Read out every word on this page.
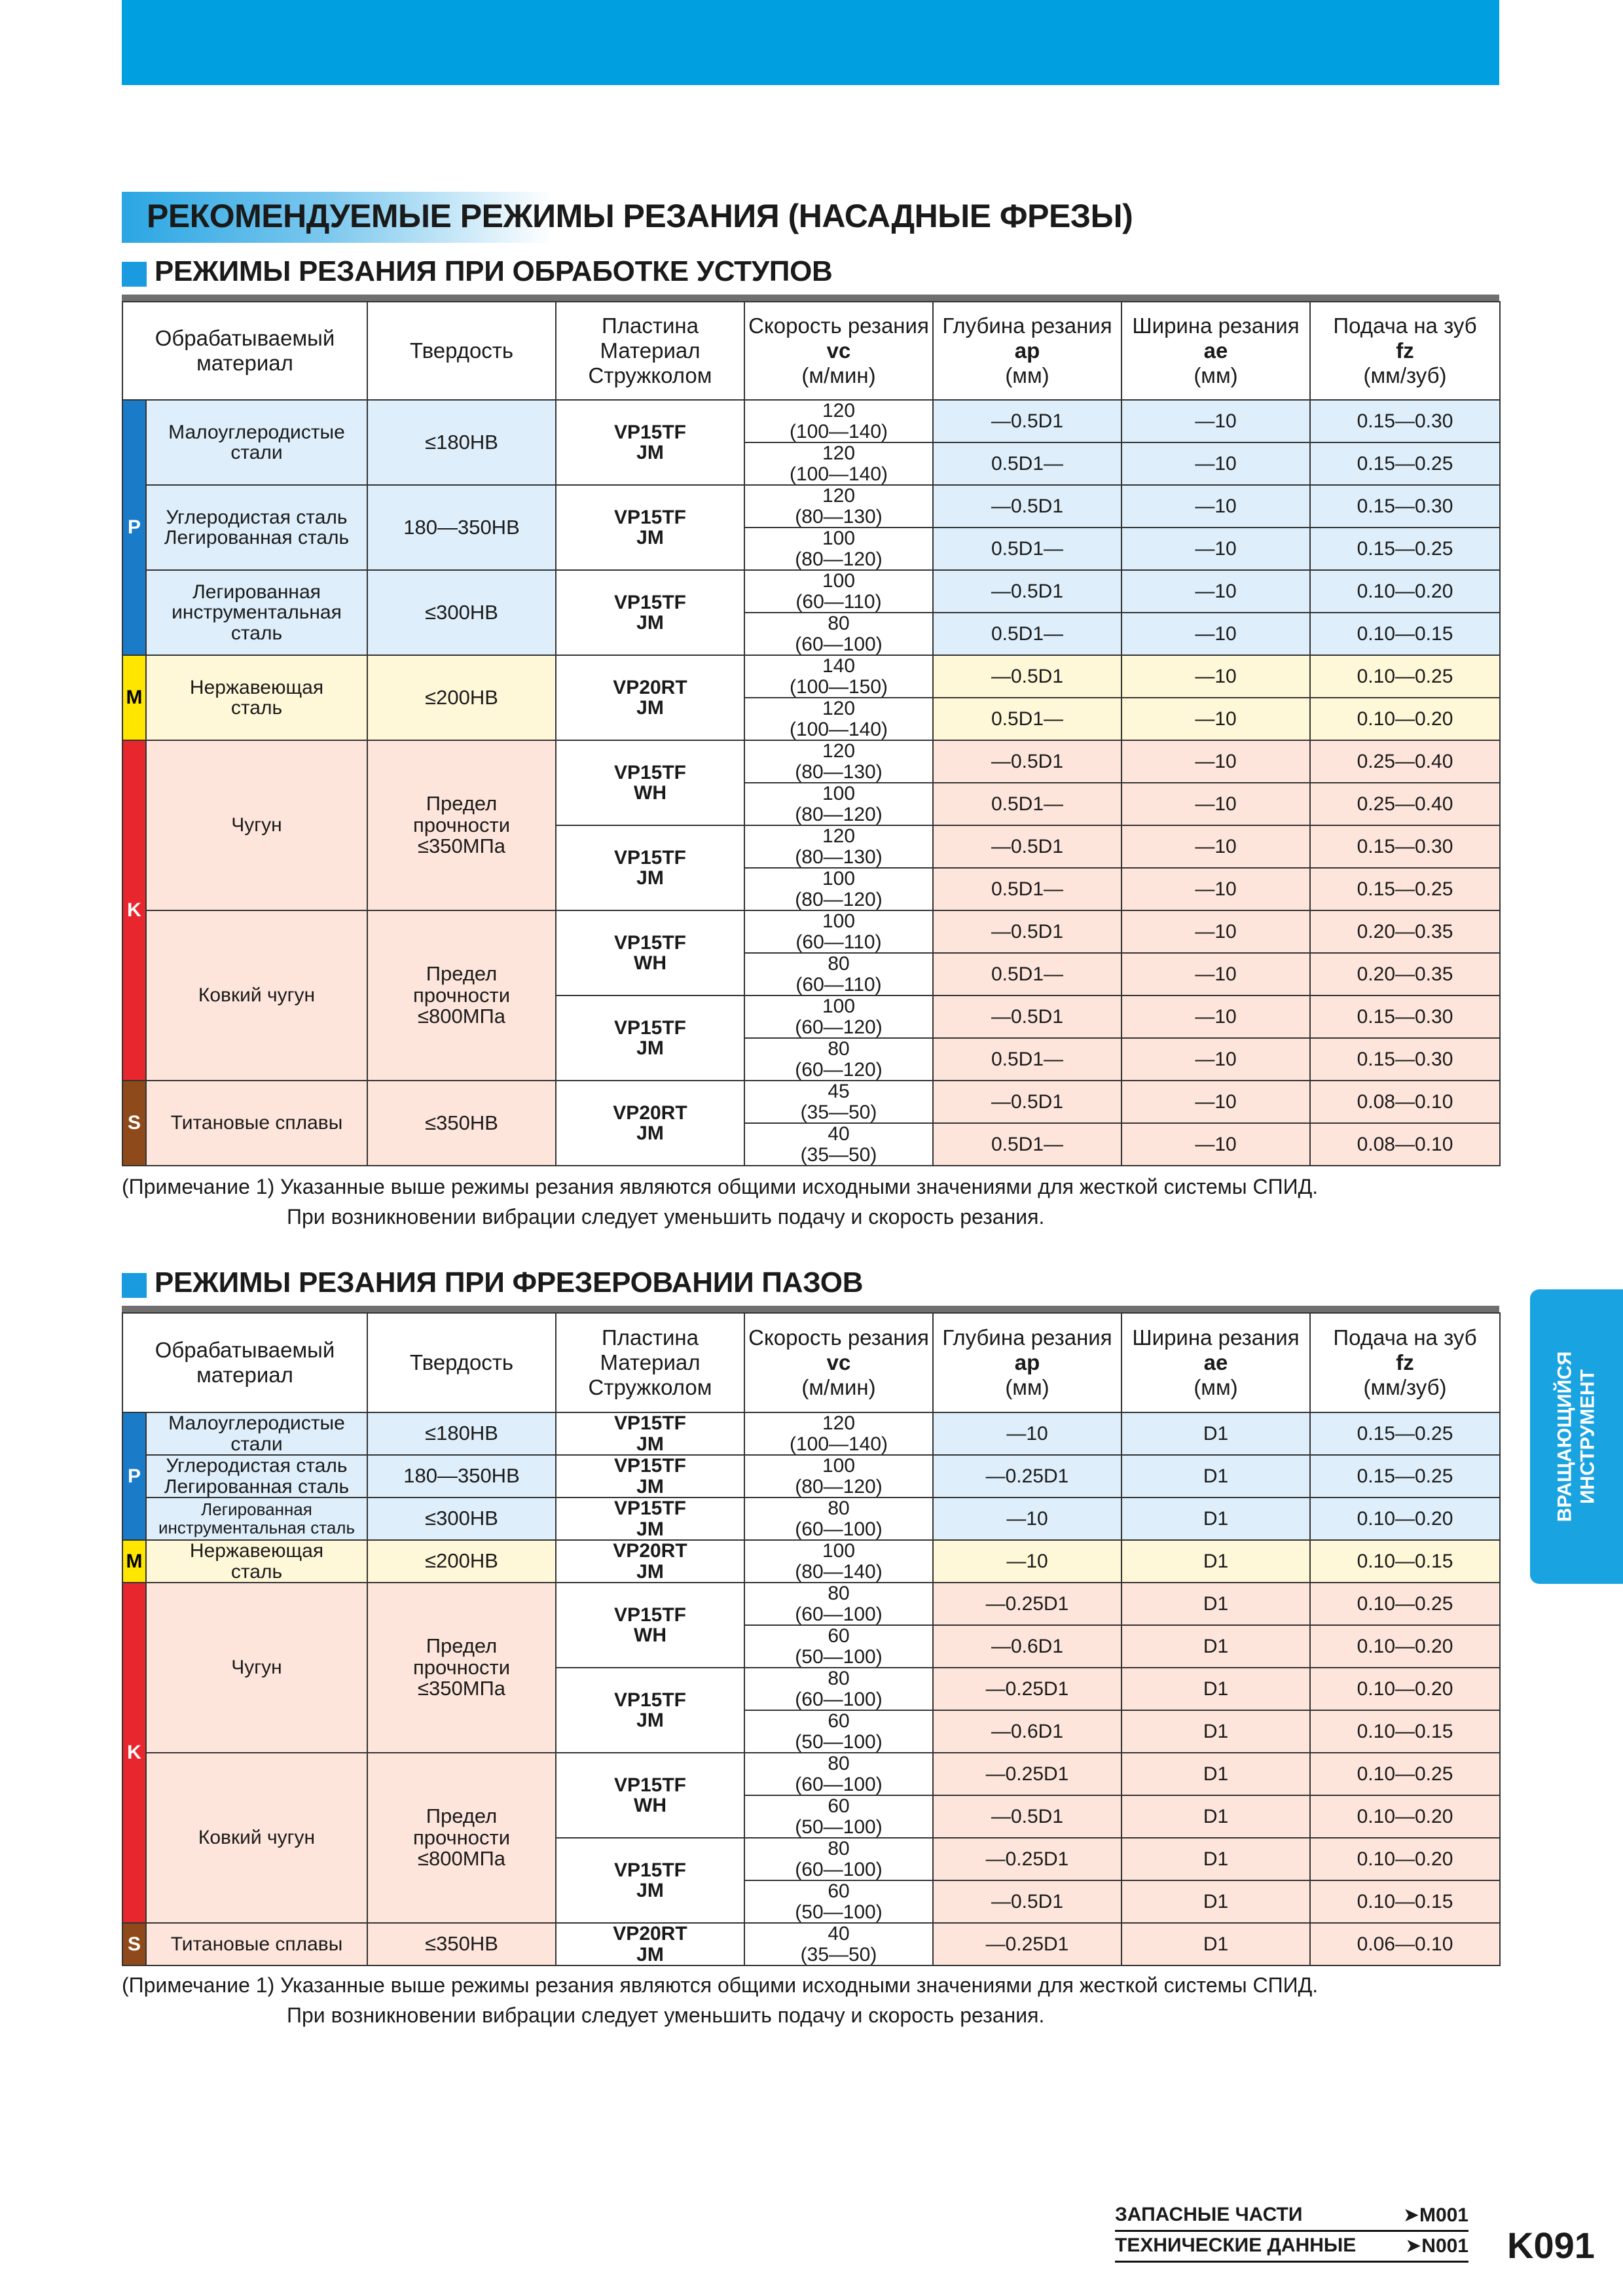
РЕКОМЕНДУЕМЫЕ РЕЖИМЫ РЕЗАНИЯ (НАСАДНЫЕ ФРЕЗЫ)
РЕЖИМЫ РЕЗАНИЯ ПРИ ОБРАБОТКЕ УСТУПОВ
Обрабатываемый
материал		Твердость	Пластина
Материал
Стружколом	Скорость резания
vc
(м/мин)	Глубина резания
ap
(мм)	Ширина резания
ae
(мм)	Подача на зуб
fz
(мм/зуб)
P	Малоуглеродистые
стали	≤180HB	VP15TF
JM	120
(100—140)	—0.5D1	—10	0.15—0.30
				120
(100—140)	0.5D1—	—10	0.15—0.25
	Углеродистая сталь
Легированная сталь	180—350HB	VP15TF
JM	120
(80—130)	—0.5D1	—10	0.15—0.30
				100
(80—120)	0.5D1—	—10	0.15—0.25
	Легированная
инструментальная
сталь	≤300HB	VP15TF
JM	100
(60—110)	—0.5D1	—10	0.10—0.20
				80
(60—100)	0.5D1—	—10	0.10—0.15
M	Нержавеющая
сталь	≤200HB	VP20RT
JM	140
(100—150)	—0.5D1	—10	0.10—0.25
				120
(100—140)	0.5D1—	—10	0.10—0.20
K	Чугун	Предел
прочности
≤350МПа	VP15TF
WH	120
(80—130)	—0.5D1	—10	0.25—0.40
				100
(80—120)	0.5D1—	—10	0.25—0.40
			VP15TF
JM	120
(80—130)	—0.5D1	—10	0.15—0.30
				100
(80—120)	0.5D1—	—10	0.15—0.25
	Ковкий чугун	Предел
прочности
≤800МПа	VP15TF
WH	100
(60—110)	—0.5D1	—10	0.20—0.35
				80
(60—110)	0.5D1—	—10	0.20—0.35
			VP15TF
JM	100
(60—120)	—0.5D1	—10	0.15—0.30
				80
(60—120)	0.5D1—	—10	0.15—0.30
S	Титановые сплавы	≤350HB	VP20RT
JM	45
(35—50)	—0.5D1	—10	0.08—0.10
				40
(35—50)	0.5D1—	—10	0.08—0.10
(Примечание 1) Указанные выше режимы резания являются общими исходными значениями для жесткой системы СПИД.
При возникновении вибрации следует уменьшить подачу и скорость резания.
РЕЖИМЫ РЕЗАНИЯ ПРИ ФРЕЗЕРОВАНИИ ПАЗОВ
Обрабатываемый
материал		Твердость	Пластина
Материал
Стружколом	Скорость резания
vc
(м/мин)	Глубина резания
ap
(мм)	Ширина резания
ae
(мм)	Подача на зуб
fz
(мм/зуб)
P	Малоуглеродистые
стали	≤180HB	VP15TF
JM	120
(100—140)	—10	D1	0.15—0.25
	Углеродистая сталь
Легированная сталь	180—350HB	VP15TF
JM	100
(80—120)	—0.25D1	D1	0.15—0.25
	Легированная
инструментальная сталь	≤300HB	VP15TF
JM	80
(60—100)	—10	D1	0.10—0.20
M	Нержавеющая
сталь	≤200HB	VP20RT
JM	100
(80—140)	—10	D1	0.10—0.15
K	Чугун	Предел
прочности
≤350МПа	VP15TF
WH	80
(60—100)	—0.25D1	D1	0.10—0.25
				60
(50—100)	—0.6D1	D1	0.10—0.20
			VP15TF
JM	80
(60—100)	—0.25D1	D1	0.10—0.20
				60
(50—100)	—0.6D1	D1	0.10—0.15
	Ковкий чугун	Предел
прочности
≤800МПа	VP15TF
WH	80
(60—100)	—0.25D1	D1	0.10—0.25
				60
(50—100)	—0.5D1	D1	0.10—0.20
			VP15TF
JM	80
(60—100)	—0.25D1	D1	0.10—0.20
				60
(50—100)	—0.5D1	D1	0.10—0.15
S	Титановые сплавы	≤350HB	VP20RT
JM	40
(35—50)	—0.25D1	D1	0.06—0.10
(Примечание 1) Указанные выше режимы резания являются общими исходными значениями для жесткой системы СПИД.
При возникновении вибрации следует уменьшить подачу и скорость резания.
ВРАЩАЮЩИЙСЯ
ИНСТРУМЕНТ
ЗАПАСНЫЕ ЧАСТИ	➤M001
ТЕХНИЧЕСКИЕ ДАННЫЕ ➤N001 K091
